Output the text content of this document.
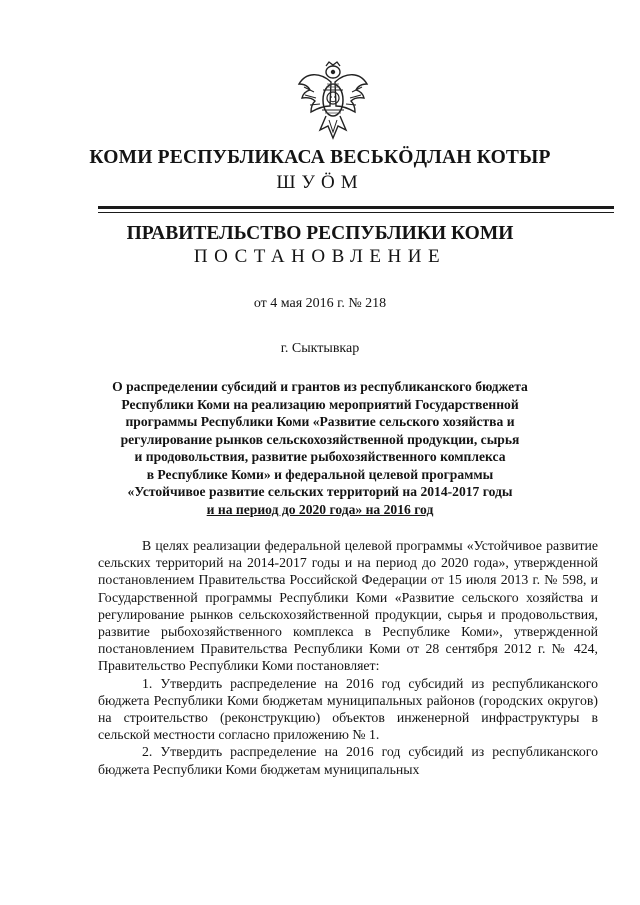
КОМИ РЕСПУБЛИКАСА ВЕСЬКӦДЛАН КОТЫР
ШУÖМ
ПРАВИТЕЛЬСТВО РЕСПУБЛИКИ КОМИ
ПОСТАНОВЛЕНИЕ
от 4 мая 2016 г. № 218
г. Сыктывкар
О распределении субсидий и грантов из республиканского бюджета
Республики Коми на реализацию мероприятий Государственной
программы Республики Коми «Развитие сельского хозяйства и
регулирование рынков сельскохозяйственной продукции, сырья
и продовольствия, развитие рыбохозяйственного комплекса
в Республике Коми» и федеральной целевой программы
«Устойчивое развитие сельских территорий на 2014-2017 годы
и на период до 2020 года» на 2016 год

В целях реализации федеральной целевой программы «Устойчивое развитие сельских территорий на 2014-2017 годы и на период до 2020 года», утвержденной постановлением Правительства Российской Федерации от 15 июля 2013 г. № 598, и Государственной программы Республики Коми «Развитие сельского хозяйства и регулирование рынков сельскохозяйственной продукции, сырья и продовольствия, развитие рыбохозяйственного комплекса в Республике Коми», утвержденной постановлением Правительства Республики Коми от 28 сентября 2012 г. № 424, Правительство Республики Коми постановляет:

1. Утвердить распределение на 2016 год субсидий из республиканского бюджета Республики Коми бюджетам муниципальных районов (городских округов) на строительство (реконструкцию) объектов инженерной инфраструктуры в сельской местности согласно приложению № 1.

2. Утвердить распределение на 2016 год субсидий из республиканского бюджета Республики Коми бюджетам муниципальных
